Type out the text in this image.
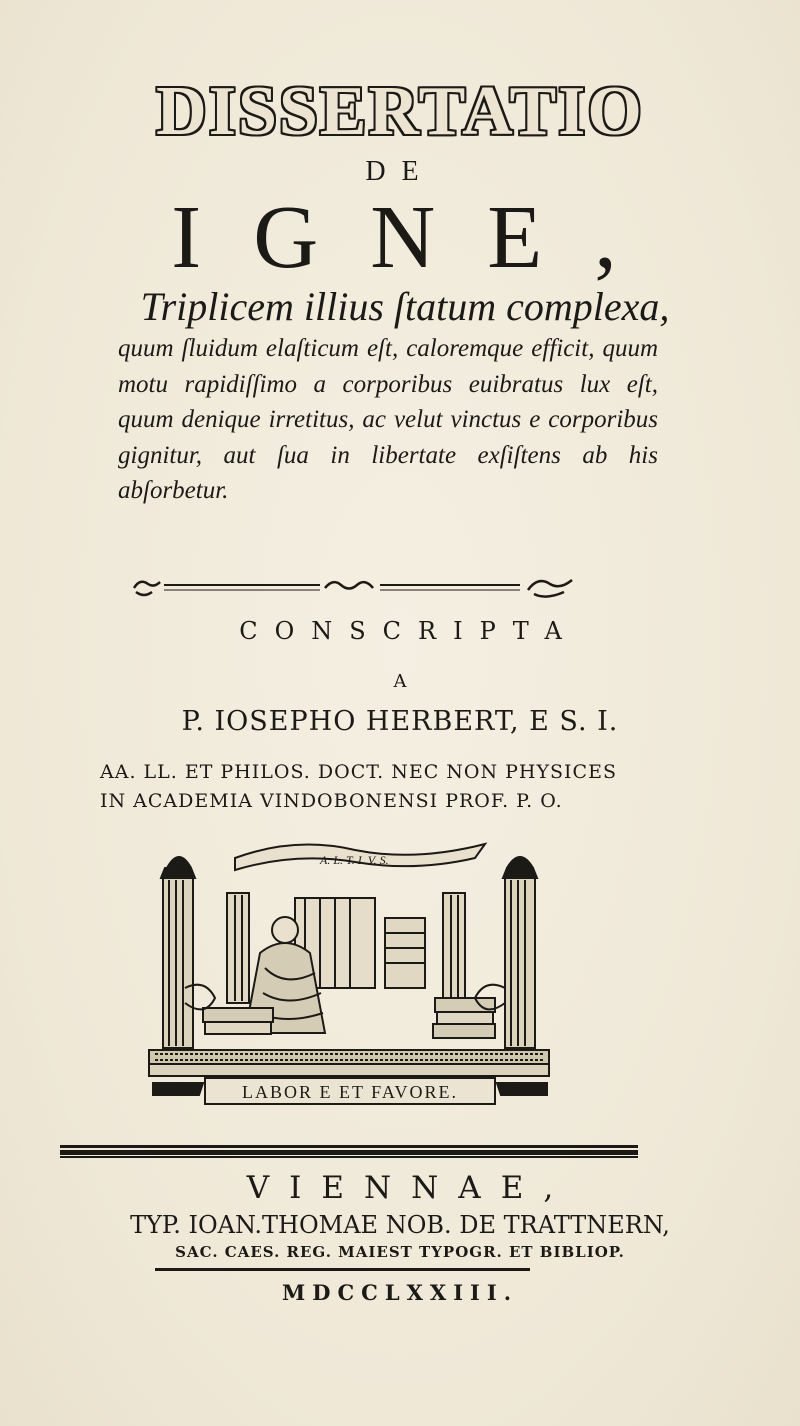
DISSERTATIO
DE
IGNE,
Triplicem illius ſtatum complexa,
quum ſluidum elaſticum eſt, caloremque efficit, quum motu rapidiſſimo a corporibus euibratus lux eſt, quum denique irretitus, ac velut vinctus e corporibus gignitur, aut ſua in libertate exſiſtens ab his abſorbetur.
CONSCRIPTA
A
P. IOSEPHO HERBERT, E S. I.
AA. LL. ET PHILOS. DOCT. NEC NON PHYSICES
IN ACADEMIA VINDOBONENSI PROF. P. O.
A. L. T. I. V. S.
LABOR E ET FAVORE.
VIENNAE,
TYP. IOAN.THOMAE NOB. DE TRATTNERN,
SAC. CAES. REG. MAIEST TYPOGR. ET BIBLIOP.
MDCCLXXIII.
